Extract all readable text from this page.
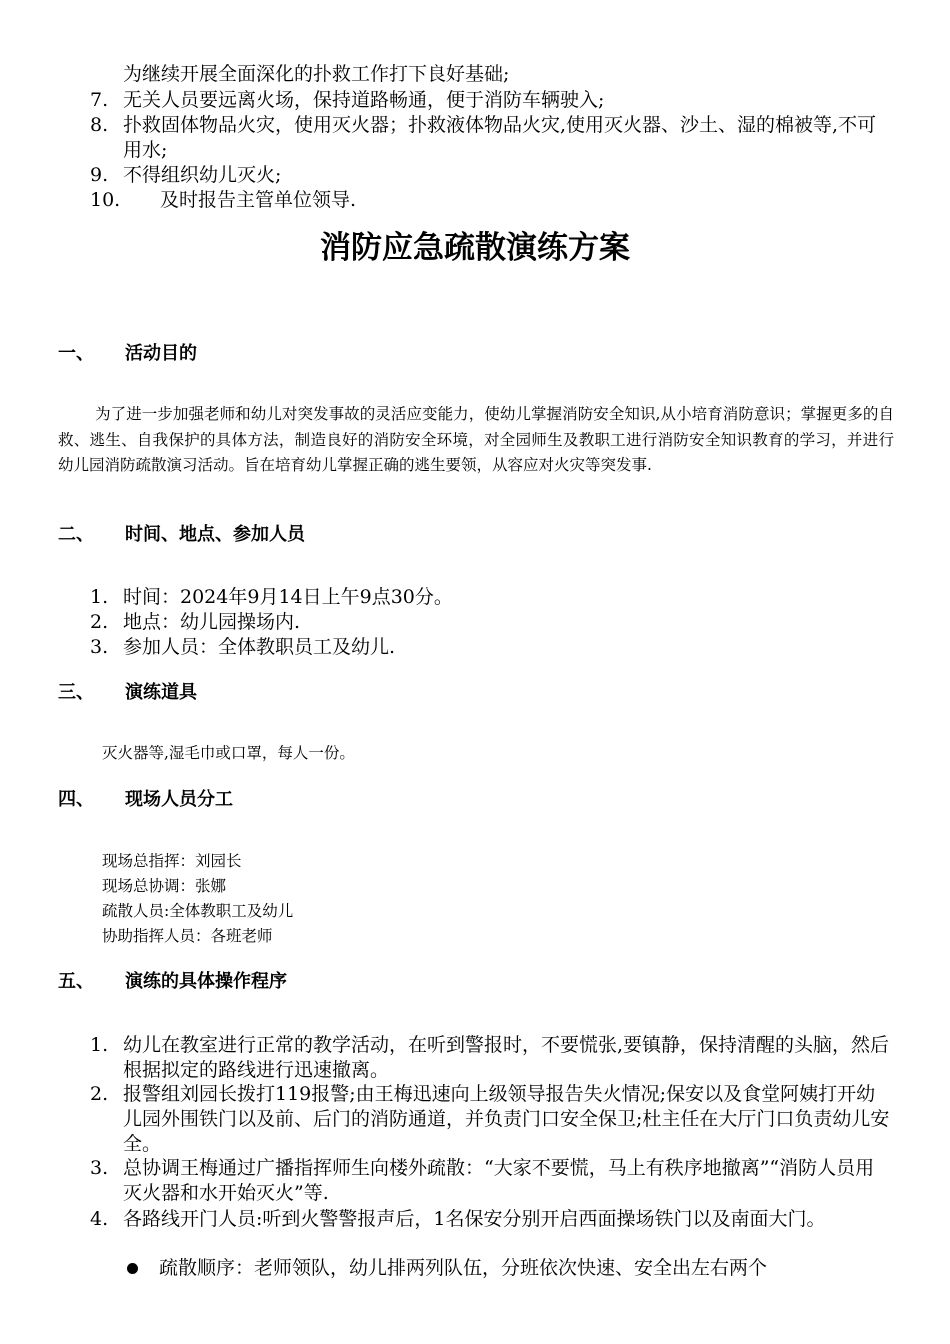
为继续开展全面深化的扑救工作打下良好基础;
7. 无关人员要远离火场，保持道路畅通，便于消防车辆驶入;
8. 扑救固体物品火灾，使用灭火器；扑救液体物品火灾,使用灭火器、沙土、湿的棉被等,不可用水;
9. 不得组织幼儿灭火;
10. 及时报告主管单位领导.
消防应急疏散演练方案
一、 活动目的
为了进一步加强老师和幼儿对突发事故的灵活应变能力，使幼儿掌握消防安全知识,从小培育消防意识；掌握更多的自救、逃生、自我保护的具体方法，制造良好的消防安全环境，对全园师生及教职工进行消防安全知识教育的学习，并进行幼儿园消防疏散演习活动。旨在培育幼儿掌握正确的逃生要领，从容应对火灾等突发事.
二、 时间、地点、参加人员
1. 时间：2024年9月14日上午9点30分。
2. 地点：幼儿园操场内.
3. 参加人员：全体教职员工及幼儿.
三、 演练道具
灭火器等,湿毛巾或口罩，每人一份。
四、 现场人员分工
现场总指挥：刘园长
现场总协调：张娜
疏散人员:全体教职工及幼儿
协助指挥人员：各班老师
五、 演练的具体操作程序
1. 幼儿在教室进行正常的教学活动，在听到警报时，不要慌张,要镇静，保持清醒的头脑，然后根据拟定的路线进行迅速撤离。
2. 报警组刘园长拨打119报警;由王梅迅速向上级领导报告失火情况;保安以及食堂阿姨打开幼儿园外围铁门以及前、后门的消防通道，并负责门口安全保卫;杜主任在大厅门口负责幼儿安全。
3. 总协调王梅通过广播指挥师生向楼外疏散：“大家不要慌，马上有秩序地撤离”“消防人员用灭火器和水开始灭火”等.
4. 各路线开门人员:听到火警警报声后，1名保安分别开启西面操场铁门以及南面大门。
疏散顺序：老师领队，幼儿排两列队伍，分班依次快速、安全出左右两个
